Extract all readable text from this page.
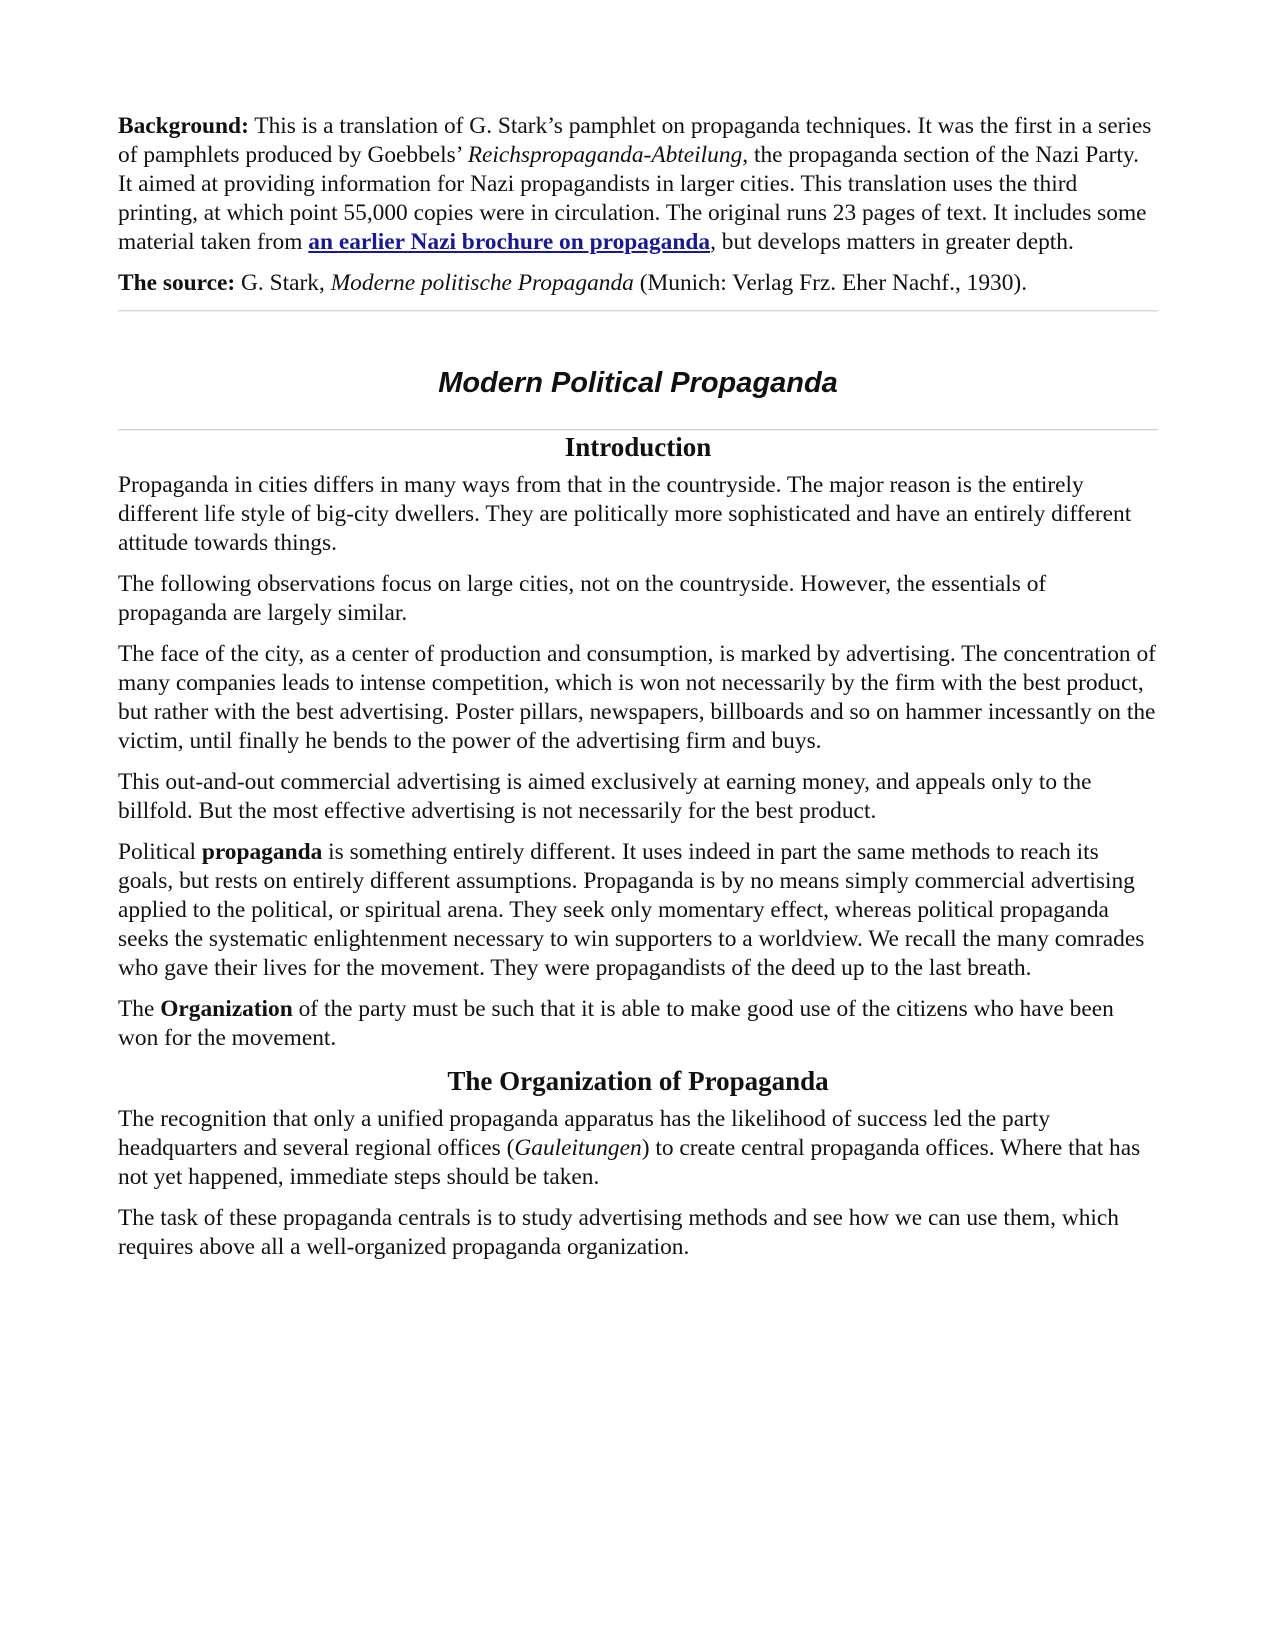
Background: This is a translation of G. Stark’s pamphlet on propaganda techniques. It was the first in a series of pamphlets produced by Goebbels’ Reichspropaganda-Abteilung, the propaganda section of the Nazi Party. It aimed at providing information for Nazi propagandists in larger cities. This translation uses the third printing, at which point 55,000 copies were in circulation. The original runs 23 pages of text. It includes some material taken from an earlier Nazi brochure on propaganda, but develops matters in greater depth.

The source: G. Stark, Moderne politische Propaganda (Munich: Verlag Frz. Eher Nachf., 1930).

Modern Political Propaganda
Introduction

Propaganda in cities differs in many ways from that in the countryside. The major reason is the entirely different life style of big-city dwellers. They are politically more sophisticated and have an entirely different attitude towards things.

The following observations focus on large cities, not on the countryside. However, the essentials of propaganda are largely similar.

The face of the city, as a center of production and consumption, is marked by advertising. The concentration of many companies leads to intense competition, which is won not necessarily by the firm with the best product, but rather with the best advertising. Poster pillars, newspapers, billboards and so on hammer incessantly on the victim, until finally he bends to the power of the advertising firm and buys.

This out-and-out commercial advertising is aimed exclusively at earning money, and appeals only to the billfold. But the most effective advertising is not necessarily for the best product.

Political propaganda is something entirely different. It uses indeed in part the same methods to reach its goals, but rests on entirely different assumptions. Propaganda is by no means simply commercial advertising applied to the political, or spiritual arena. They seek only momentary effect, whereas political propaganda seeks the systematic enlightenment necessary to win supporters to a worldview. We recall the many comrades who gave their lives for the movement. They were propagandists of the deed up to the last breath.

The Organization of the party must be such that it is able to make good use of the citizens who have been won for the movement.

The Organization of Propaganda

The recognition that only a unified propaganda apparatus has the likelihood of success led the party headquarters and several regional offices (Gauleitungen) to create central propaganda offices. Where that has not yet happened, immediate steps should be taken.

The task of these propaganda centrals is to study advertising methods and see how we can use them, which requires above all a well-organized propaganda organization.
